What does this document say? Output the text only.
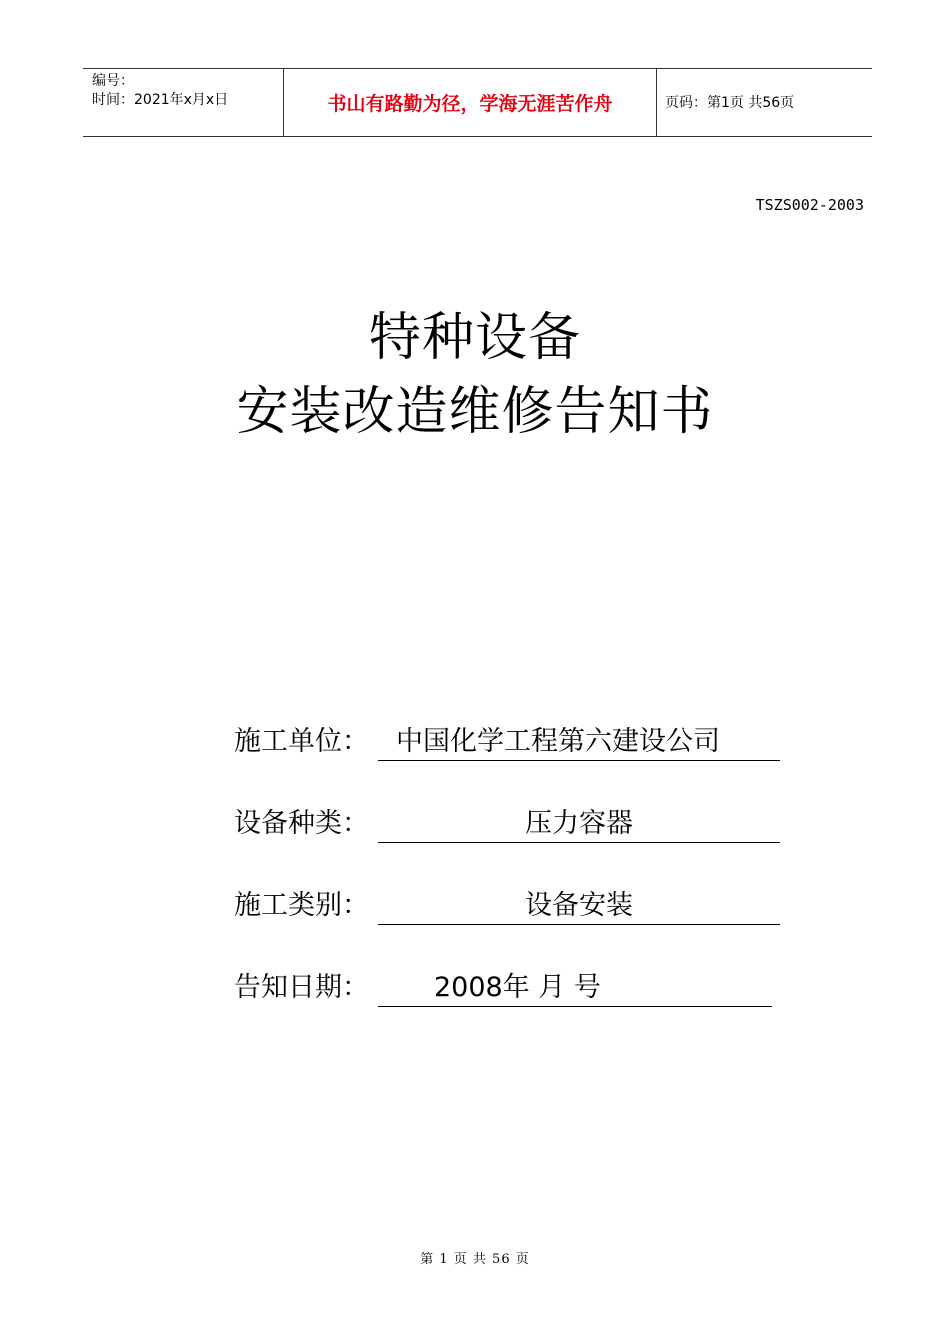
编号：
时间：2021年x月x日	书山有路勤为径，学海无涯苦作舟	页码：第1页 共56页
TSZS002-2003
特种设备
安装改造维修告知书
施工单位：	中国化学工程第六建设公司
设备种类：	压力容器
施工类别：	设备安装
告知日期：	2008年 月 号
第 1 页 共 56 页
